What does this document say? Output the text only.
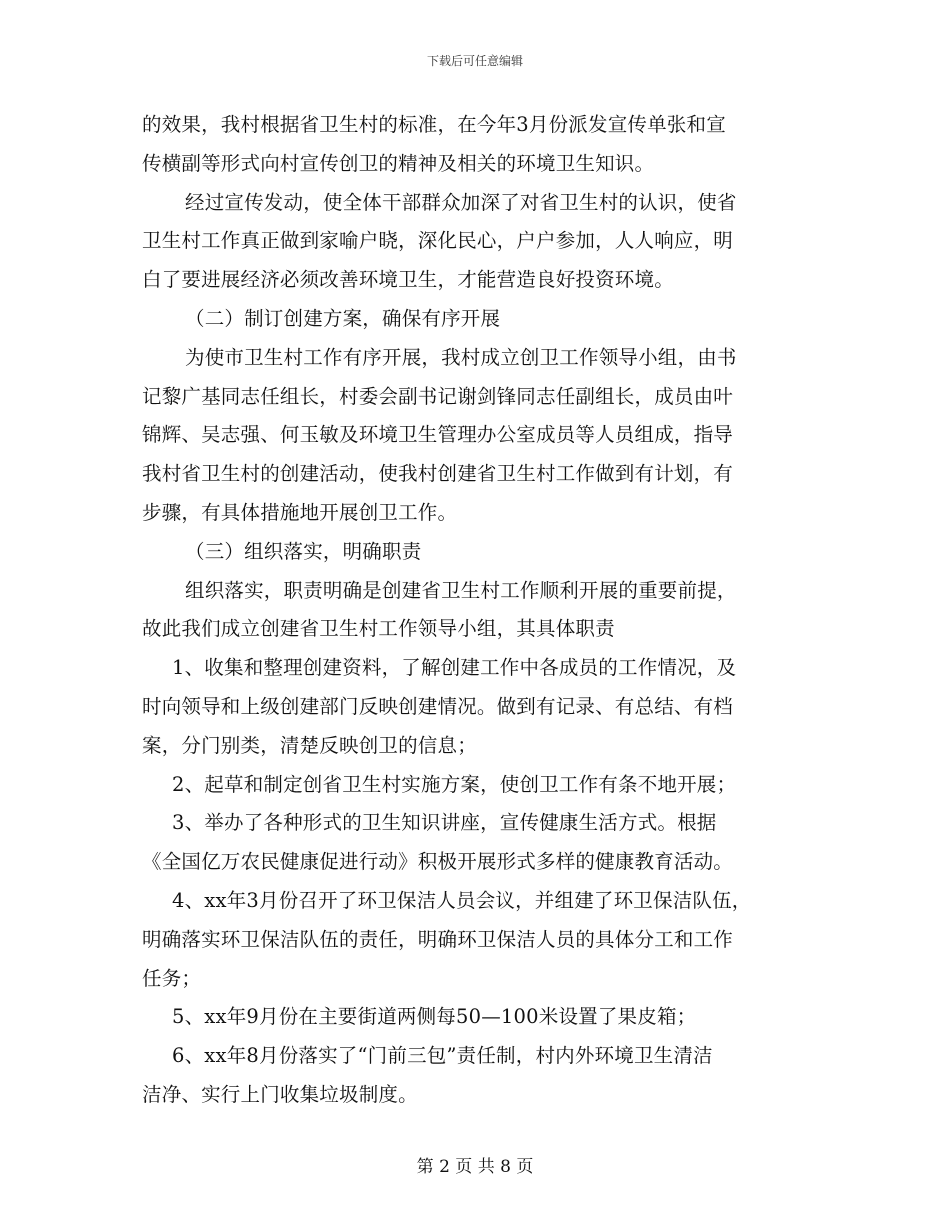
下载后可任意编辑
的效果，我村根据省卫生村的标准，在今年3月份派发宣传单张和宣
传横副等形式向村宣传创卫的精神及相关的环境卫生知识。
经过宣传发动，使全体干部群众加深了对省卫生村的认识，使省
卫生村工作真正做到家喻户晓，深化民心，户户参加，人人响应，明
白了要进展经济必须改善环境卫生，才能营造良好投资环境。
（二）制订创建方案，确保有序开展
为使市卫生村工作有序开展，我村成立创卫工作领导小组，由书
记黎广基同志任组长，村委会副书记谢剑锋同志任副组长，成员由叶
锦辉、吴志强、何玉敏及环境卫生管理办公室成员等人员组成，指导
我村省卫生村的创建活动，使我村创建省卫生村工作做到有计划，有
步骤，有具体措施地开展创卫工作。
（三）组织落实，明确职责
组织落实，职责明确是创建省卫生村工作顺利开展的重要前提，
故此我们成立创建省卫生村工作领导小组，其具体职责
1、收集和整理创建资料，了解创建工作中各成员的工作情况，及
时向领导和上级创建部门反映创建情况。做到有记录、有总结、有档
案，分门别类，清楚反映创卫的信息；
2、起草和制定创省卫生村实施方案，使创卫工作有条不地开展；
3、举办了各种形式的卫生知识讲座，宣传健康生活方式。根据
《全国亿万农民健康促进行动》积极开展形式多样的健康教育活动。
4、xx年3月份召开了环卫保洁人员会议，并组建了环卫保洁队伍，
明确落实环卫保洁队伍的责任，明确环卫保洁人员的具体分工和工作
任务；
5、xx年9月份在主要街道两侧每50—100米设置了果皮箱；
6、xx年8月份落实了“门前三包”责任制，村内外环境卫生清洁
洁净、实行上门收集垃圾制度。
第 2 页 共 8 页
